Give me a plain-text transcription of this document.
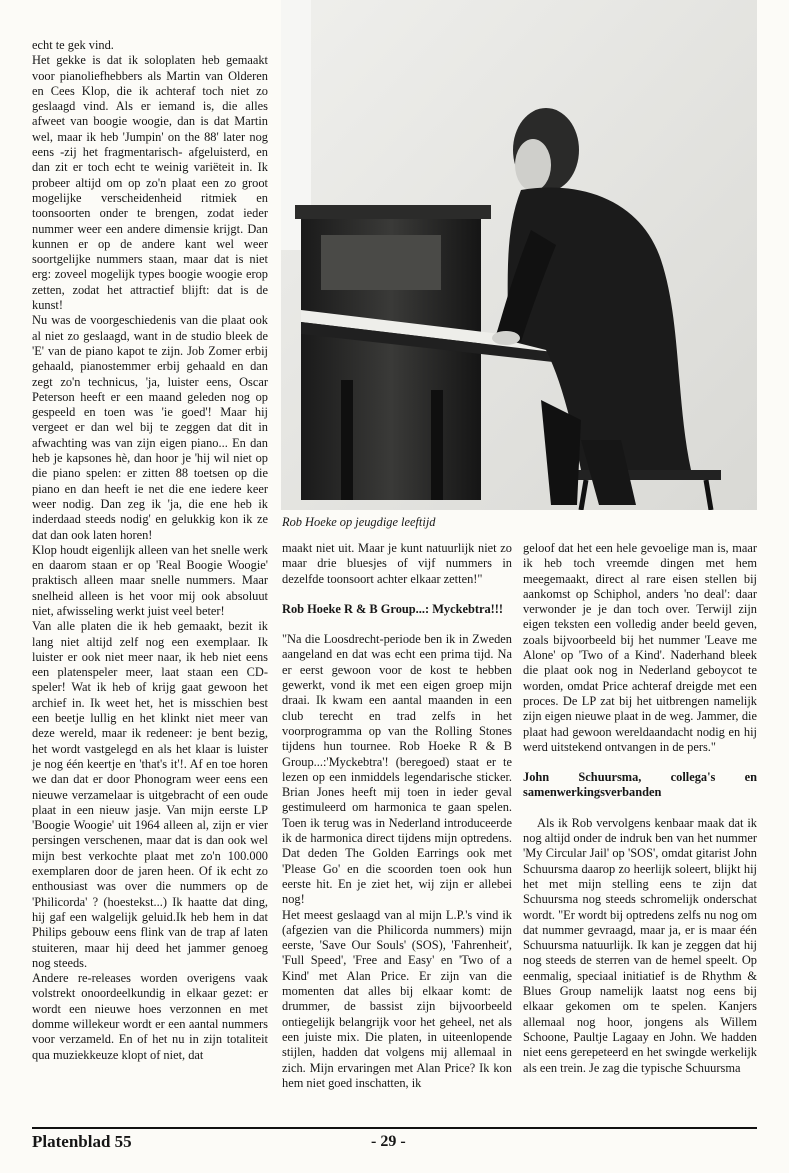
echt te gek vind.

Het gekke is dat ik soloplaten heb gemaakt voor pianoliefhebbers als Martin van Olderen en Cees Klop, die ik achteraf toch niet zo geslaagd vind. Als er iemand is, die alles afweet van boogie woogie, dan is dat Martin wel, maar ik heb 'Jumpin' on the 88' later nog eens -zij het fragmentarisch- afgeluisterd, en dan zit er toch echt te weinig variëteit in. Ik probeer altijd om op zo'n plaat een zo groot mogelijke verscheidenheid ritmiek en toonsoorten onder te brengen, zodat ieder nummer weer een andere dimensie krijgt. Dan kunnen er op de andere kant wel weer soortgelijke nummers staan, maar dat is niet erg: zoveel mogelijk types boogie woogie erop zetten, zodat het attractief blijft: dat is de kunst!

Nu was de voorgeschiedenis van die plaat ook al niet zo geslaagd, want in de studio bleek de 'E' van de piano kapot te zijn. Job Zomer erbij gehaald, pianostemmer erbij gehaald en dan zegt zo'n technicus, 'ja, luister eens, Oscar Peterson heeft er een maand geleden nog op gespeeld en toen was 'ie goed'! Maar hij vergeet er dan wel bij te zeggen dat dit in afwachting was van zijn eigen piano... En dan heb je kapsones hè, dan hoor je 'hij wil niet op die piano spelen: er zitten 88 toetsen op die piano en dan heeft ie net die ene iedere keer weer nodig. Dan zeg ik 'ja, die ene heb ik inderdaad steeds nodig' en gelukkig kon ik ze dat dan ook laten horen!

Klop houdt eigenlijk alleen van het snelle werk en daarom staan er op 'Real Boogie Woogie' praktisch alleen maar snelle nummers. Maar snelheid alleen is het voor mij ook absoluut niet, afwisseling werkt juist veel beter!

Van alle platen die ik heb gemaakt, bezit ik lang niet altijd zelf nog een exemplaar. Ik luister er ook niet meer naar, ik heb niet eens een platenspeler meer, laat staan een CD-speler! Wat ik heb of krijg gaat gewoon het archief in. Ik weet het, het is misschien best een beetje lullig en het klinkt niet meer van deze wereld, maar ik redeneer: je bent bezig, het wordt vastgelegd en als het klaar is luister je nog één keertje en 'that's it'!. Af en toe horen we dan dat er door Phonogram weer eens een nieuwe verzamelaar is uitgebracht of een oude plaat in een nieuw jasje. Van mijn eerste LP 'Boogie Woogie' uit 1964 alleen al, zijn er vier persingen verschenen, maar dat is dan ook wel mijn best verkochte plaat met zo'n 100.000 exemplaren door de jaren heen. Of ik echt zo enthousiast was over die nummers op de 'Philicorda' ? (hoestekst...) Ik haatte dat ding, hij gaf een walgelijk geluid.Ik heb hem in dat Philips gebouw eens flink van de trap af laten stuiteren, maar hij deed het jammer genoeg nog steeds.

Andere re-releases worden overigens vaak volstrekt onoordeelkundig in elkaar gezet: er wordt een nieuwe hoes verzonnen en met domme willekeur wordt er een aantal nummers voor verzameld. En of het nu in zijn totaliteit qua muziekkeuze klopt of niet, dat

Rob Hoeke op jeugdige leeftijd

maakt niet uit. Maar je kunt natuurlijk niet zo maar drie bluesjes of vijf nummers in dezelfde toonsoort achter elkaar zetten!"

Rob Hoeke R & B Group...: Myckebtra!!!

"Na die Loosdrecht-periode ben ik in Zweden aangeland en dat was echt een prima tijd. Na er eerst gewoon voor de kost te hebben gewerkt, vond ik met een eigen groep mijn draai. Ik kwam een aantal maanden in een club terecht en trad zelfs in het voorprogramma op van the Rolling Stones tijdens hun tournee. Rob Hoeke R & B Group...:'Myckebtra'! (beregoed) staat er te lezen op een inmiddels legendarische sticker. Brian Jones heeft mij toen in ieder geval gestimuleerd om harmonica te gaan spelen. Toen ik terug was in Nederland introduceerde ik de harmonica direct tijdens mijn optredens. Dat deden The Golden Earrings ook met 'Please Go' en die scoorden toen ook hun eerste hit. En je ziet het, wij zijn er allebei nog!

Het meest geslaagd van al mijn L.P.'s vind ik (afgezien van die Philicorda nummers) mijn eerste, 'Save Our Souls' (SOS), 'Fahrenheit', 'Full Speed', 'Free and Easy' en 'Two of a Kind' met Alan Price. Er zijn van die momenten dat alles bij elkaar komt: de drummer, de bassist zijn bijvoorbeeld ontiegelijk belangrijk voor het geheel, net als een juiste mix. Die platen, in uiteenlopende stijlen, hadden dat volgens mij allemaal in zich. Mijn ervaringen met Alan Price? Ik kon hem niet goed inschatten, ik

geloof dat het een hele gevoelige man is, maar ik heb toch vreemde dingen met hem meegemaakt, direct al rare eisen stellen bij aankomst op Schiphol, anders 'no deal': daar verwonder je je dan toch over. Terwijl zijn eigen teksten een volledig ander beeld geven, zoals bijvoorbeeld bij het nummer 'Leave me Alone' op 'Two of a Kind'. Naderhand bleek die plaat ook nog in Nederland geboycot te worden, omdat Price achteraf dreigde met een proces. De LP zat bij het uitbrengen namelijk zijn eigen nieuwe plaat in de weg. Jammer, die plaat had gewoon wereldaandacht nodig en hij werd uitstekend ontvangen in de pers."

John Schuursma, collega's en samenwerkingsverbanden

Als ik Rob vervolgens kenbaar maak dat ik nog altijd onder de indruk ben van het nummer 'My Circular Jail' op 'SOS', omdat gitarist John Schuursma daarop zo heerlijk soleert, blijkt hij het met mijn stelling eens te zijn dat Schuursma nog steeds schromelijk onderschat wordt. "Er wordt bij optredens zelfs nu nog om dat nummer gevraagd, maar ja, er is maar één Schuursma natuurlijk. Ik kan je zeggen dat hij nog steeds de sterren van de hemel speelt. Op eenmalig, speciaal initiatief is de Rhythm & Blues Group namelijk laatst nog eens bij elkaar gekomen om te spelen. Kanjers allemaal nog hoor, jongens als Willem Schoone, Paultje Lagaay en John. We hadden niet eens gerepeteerd en het swingde werkelijk als een trein. Je zag die typische Schuursma

Platenblad 55	- 29 -
